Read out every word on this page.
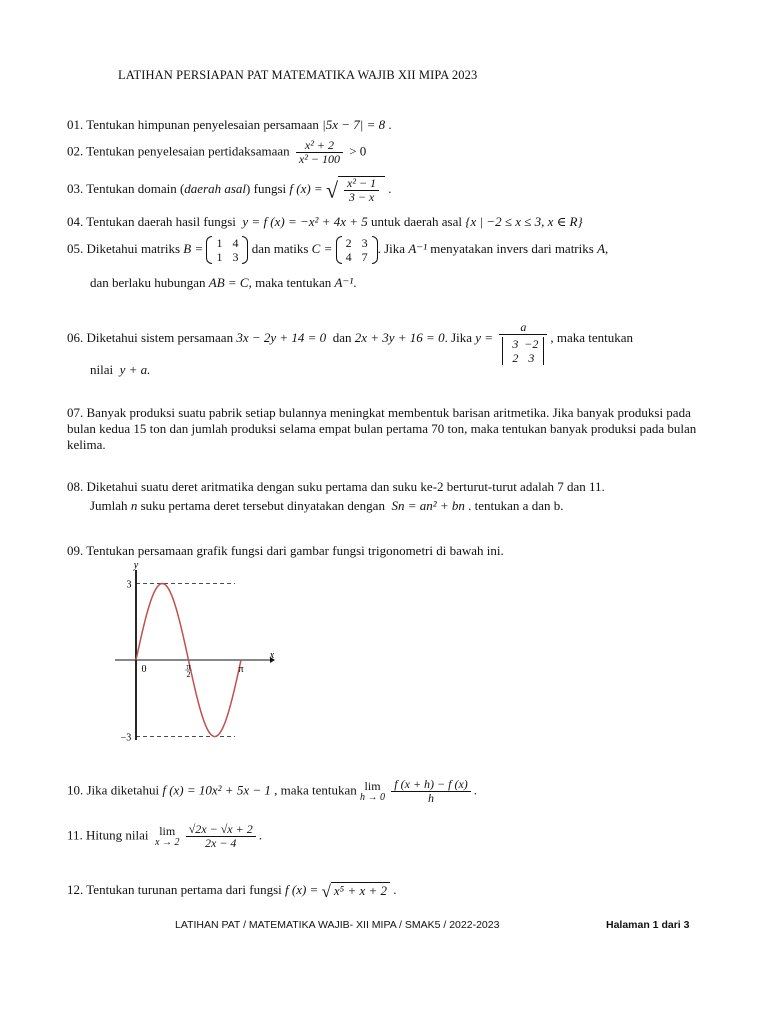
LATIHAN PERSIAPAN PAT MATEMATIKA WAJIB XII MIPA 2023
01. Tentukan himpunan penyelesaian persamaan |5x − 7| = 8 .
02. Tentukan penyelesaian pertidaksamaan $\frac{\text{x² + 2}}{\text{x² − 100}} > 0$
03. Tentukan domain (daerah asal) fungsi f (x) = √ $\frac{\text{x² − 1}}{3 - x}$ .
04. Tentukan daerah hasil fungsi y = f (x) = −x² + 4x + 5 untuk daerah asal {x | −2 ≤ x ≤ 3, x ∈ R}
05. Diketahui matriks B =	1 4
1 3
dan matiks C =	2 3
4 7
. Jika A⁻¹ menyatakan invers dari matriks A,
dan berlaku hubungan AB = C, maka tentukan A⁻¹.
06. Diketahui sistem persamaan 3x − 2y + 14 = 0 dan 2x + 3y + 16 = 0. Jika y = a
3 −2
2 3 , maka tentukan
nilai y + a.
07. Banyak produksi suatu pabrik setiap bulannya meningkat membentuk barisan aritmetika. Jika banyak produksi pada bulan kedua 15 ton dan jumlah produksi selama empat bulan pertama 70 ton, maka tentukan banyak produksi pada bulan kelima.
08. Diketahui suatu deret aritmatika dengan suku pertama dan suku ke-2 berturut-turut adalah 7 dan 11.
Jumlah n suku pertama deret tersebut dinyatakan dengan Sn = an² + bn . tentukan a dan b.
09. Tentukan persamaan grafik fungsi dari gambar fungsi trigonometri di bawah ini.
y
x
3
−3
0	π
2	π
10. Jika diketahui f (x) = 10x² + 5x − 1 , maka tentukan lim
h → 0
$\frac{f (x + h) - f (x)}{h}$ .
11. Hitung nilai lim
x → 2
$\frac{√2x - √x + 2}{2x - 4}$ .
12. Tentukan turunan pertama dari fungsi f (x) = √ x⁵ + x + 2 .
LATIHAN PAT / MATEMATIKA WAJIB- XII MIPA / SMAK5 / 2022-2023	Halaman 1 dari 3
